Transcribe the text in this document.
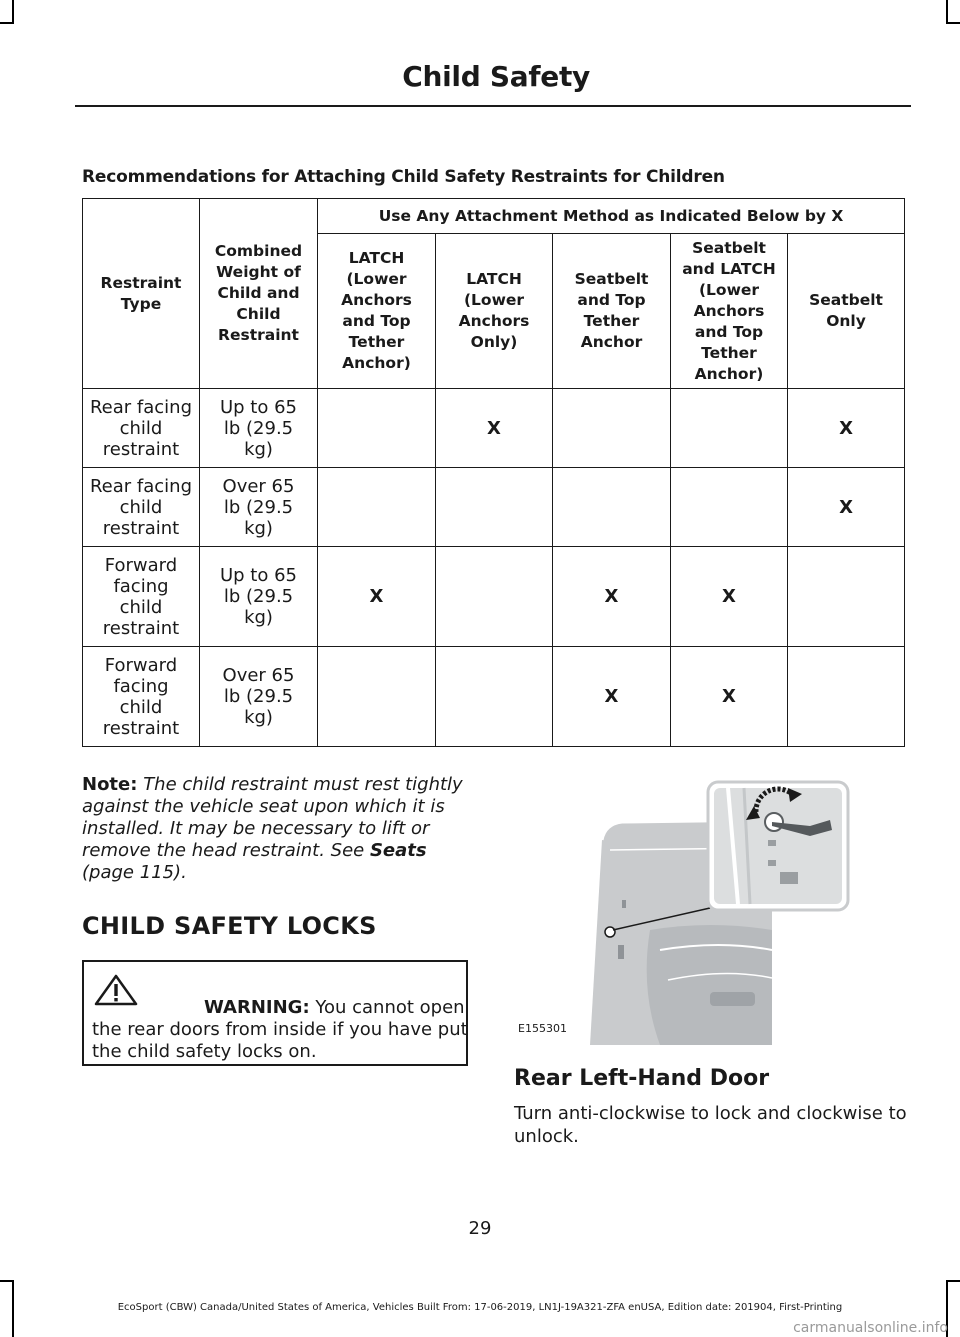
Child Safety
Recommendations for Attaching Child Safety Restraints for Children
Restraint Type	Combined Weight of Child and Child Restraint	Use Any Attachment Method as Indicated Below by X				
		LATCH (Lower Anchors and Top Tether Anchor)	LATCH (Lower Anchors Only)	Seatbelt and Top Tether Anchor	Seatbelt and LATCH (Lower Anchors and Top Tether Anchor)	Seatbelt Only
Rear facing child restraint	Up to 65 lb (29.5 kg)		X			X
Rear facing child restraint	Over 65 lb (29.5 kg)					X
Forward facing child restraint	Up to 65 lb (29.5 kg)	X		X	X	
Forward facing child restraint	Over 65 lb (29.5 kg)			X	X	
Note: The child restraint must rest tightly against the vehicle seat upon which it is installed. It may be necessary to lift or remove the head restraint. See Seats (page 115).
CHILD SAFETY LOCKS
WARNING: You cannot open the rear doors from inside if you have put the child safety locks on.
E155301
Rear Left-Hand Door
Turn anti-clockwise to lock and clockwise to unlock.
29
EcoSport (CBW) Canada/United States of America, Vehicles Built From: 17-06-2019, LN1J-19A321-ZFA enUSA, Edition date: 201904, First-Printing
carmanualsonline.info
